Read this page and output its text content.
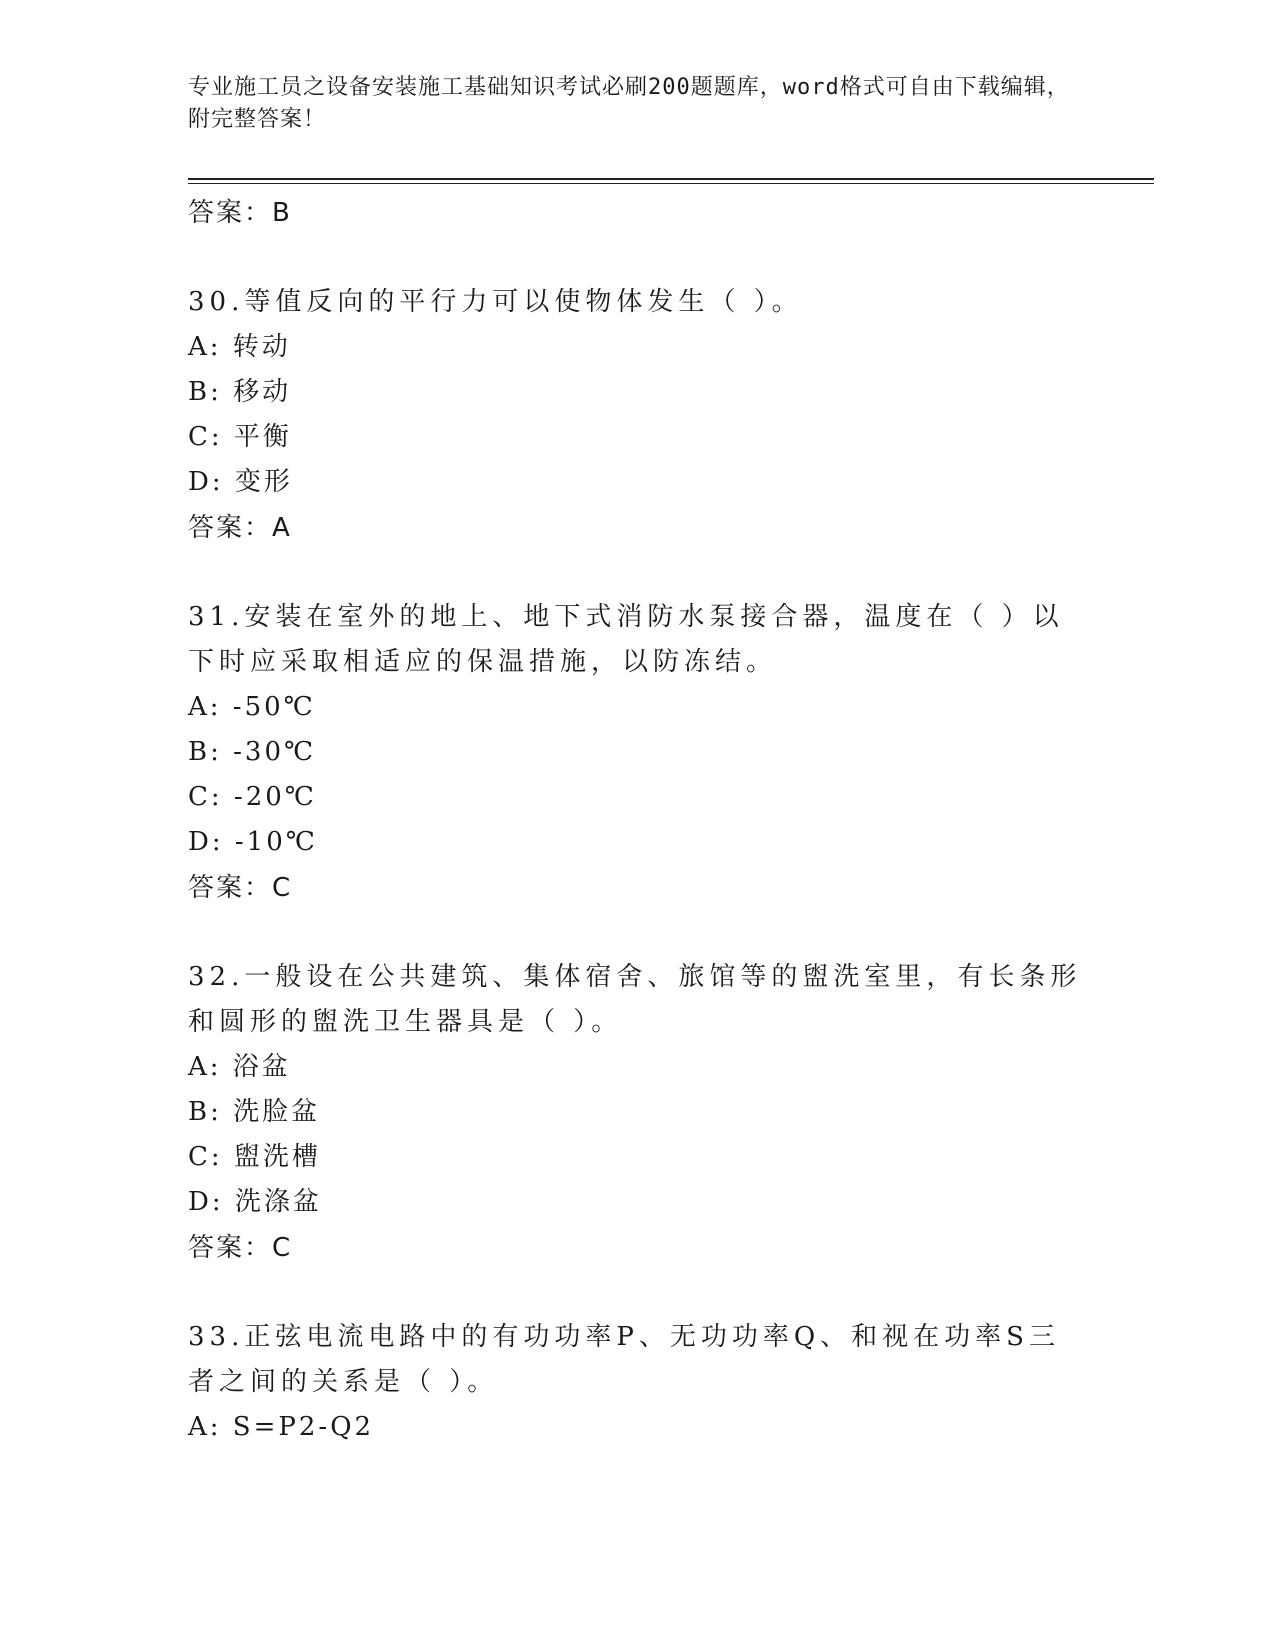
专业施工员之设备安装施工基础知识考试必刷200题题库，word格式可自由下载编辑，附完整答案！
答案：B
30.等值反向的平行力可以使物体发生（ ）。
A: 转动
B: 移动
C: 平衡
D: 变形
答案：A
31.安装在室外的地上、地下式消防水泵接合器，温度在（ ）以下时应采取相适应的保温措施，以防冻结。
A: -50℃
B: -30℃
C: -20℃
D: -10℃
答案：C
32.一般设在公共建筑、集体宿舍、旅馆等的盥洗室里，有长条形和圆形的盥洗卫生器具是（ ）。
A: 浴盆
B: 洗脸盆
C: 盥洗槽
D: 洗涤盆
答案：C
33.正弦电流电路中的有功功率P、无功功率Q、和视在功率S三者之间的关系是（ ）。
A: S=P2-Q2
